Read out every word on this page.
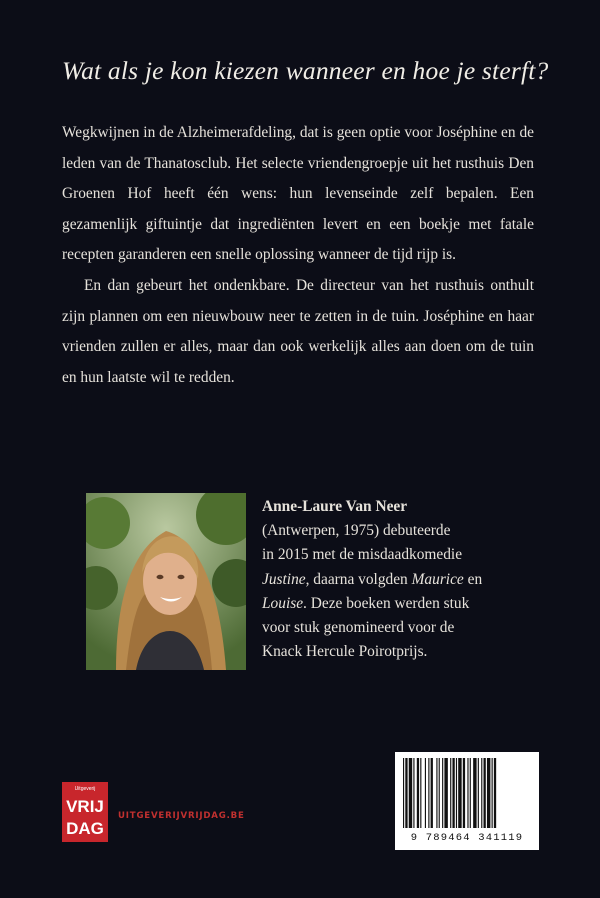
Wat als je kon kiezen wanneer en hoe je sterft?

Wegkwijnen in de Alzheimerafdeling, dat is geen optie voor Joséphine en de leden van de Thanatosclub. Het selecte vriendengroepje uit het rusthuis Den Groenen Hof heeft één wens: hun levenseinde zelf bepalen. Een gezamenlijk giftuintje dat ingrediënten levert en een boekje met fatale recepten garanderen een snelle oplossing wanneer de tijd rijp is.

En dan gebeurt het ondenkbare. De directeur van het rusthuis onthult zijn plannen om een nieuwbouw neer te zetten in de tuin. Joséphine en haar vrienden zullen er alles, maar dan ook werkelijk alles aan doen om de tuin en hun laatste wil te redden.

Anne-Laure Van Neer
(Antwerpen, 1975) debuteerde
in 2015 met de misdaadkomedie
Justine, daarna volgden Maurice en
Louise. Deze boeken werden stuk
voor stuk genomineerd voor de
Knack Hercule Poirotprijs.
Uitgeverij
VRIJ
DAG
UITGEVERIJVRIJDAG.BE
9 789464 341119
